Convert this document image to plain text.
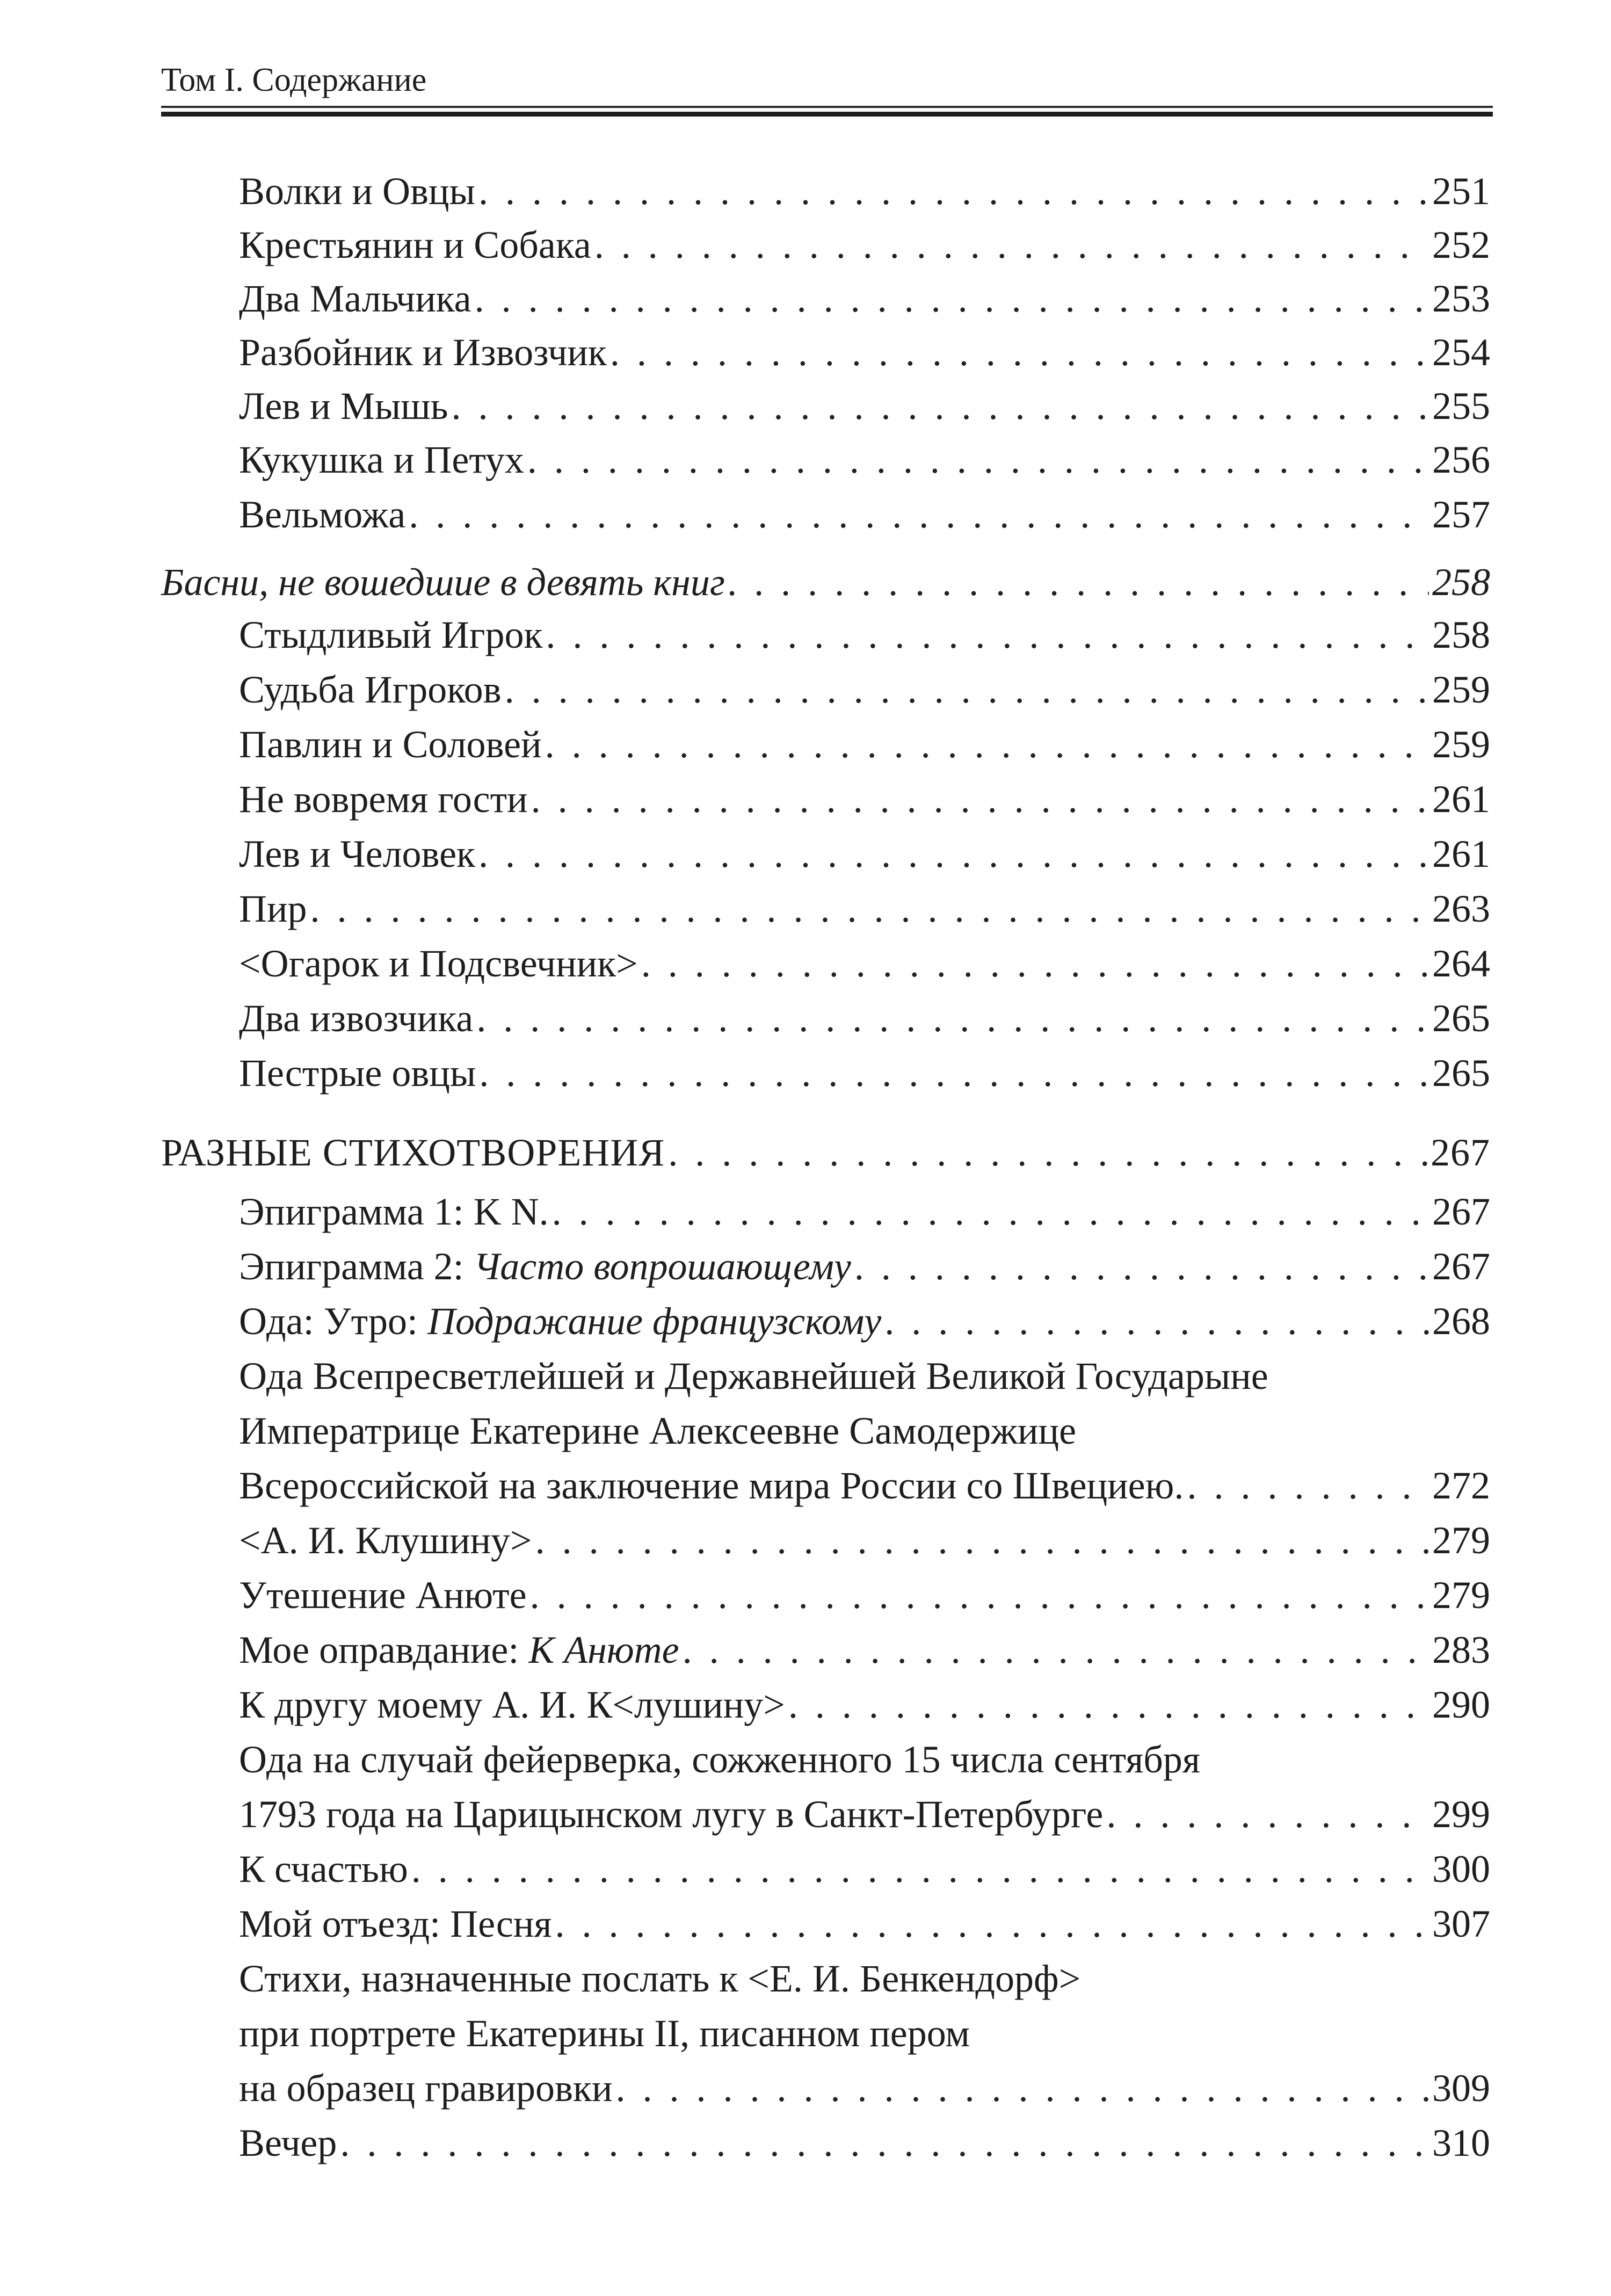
Том I. Содержание
Волки и Овцы . . .	251
Крестьянин и Собака . . .	252
Два Мальчика . . .	253
Разбойник и Извозчик . . .	254
Лев и Мышь . . .	255
Кукушка и Петух . . .	256
Вельможа . . .	257
Басни, не вошедшие в девять книг . . .	258
Стыдливый Игрок . . .	258
Судьба Игроков . . .	259
Павлин и Соловей . . .	259
Не вовремя гости . . .	261
Лев и Человек . . .	261
Пир . . .	263
<Огарок и Подсвечник> . . .	264
Два извозчика . . .	265
Пестрые овцы . . .	265
РАЗНЫЕ СТИХОТВОРЕНИЯ . . .	267
Эпиграмма 1: K N. . . .	267
Эпиграмма 2: Часто вопрошающему . . .	267
Ода: Утро: Подражание французскому . . .	268
Ода Всепресветлейшей и Державнейшей Великой Государыне
Императрице Екатерине Алексеевне Самодержице
Всероссийской на заключение мира России со Швециею. . . .	272
<А. И. Клушину> . . .	279
Утешение Анюте . . .	279
Мое оправдание: К Анюте . . .	283
К другу моему А. И. К<лушину> . . .	290
Ода на случай фейерверка, сожженного 15 числа сентября
1793 года на Царицынском лугу в Санкт-Петербурге . . .	299
К счастью . . .	300
Мой отъезд: Песня . . .	307
Стихи, назначенные послать к <Е. И. Бенкендорф>
при портрете Екатерины II, писанном пером
на образец гравировки . . .	309
Вечер . . .	310
